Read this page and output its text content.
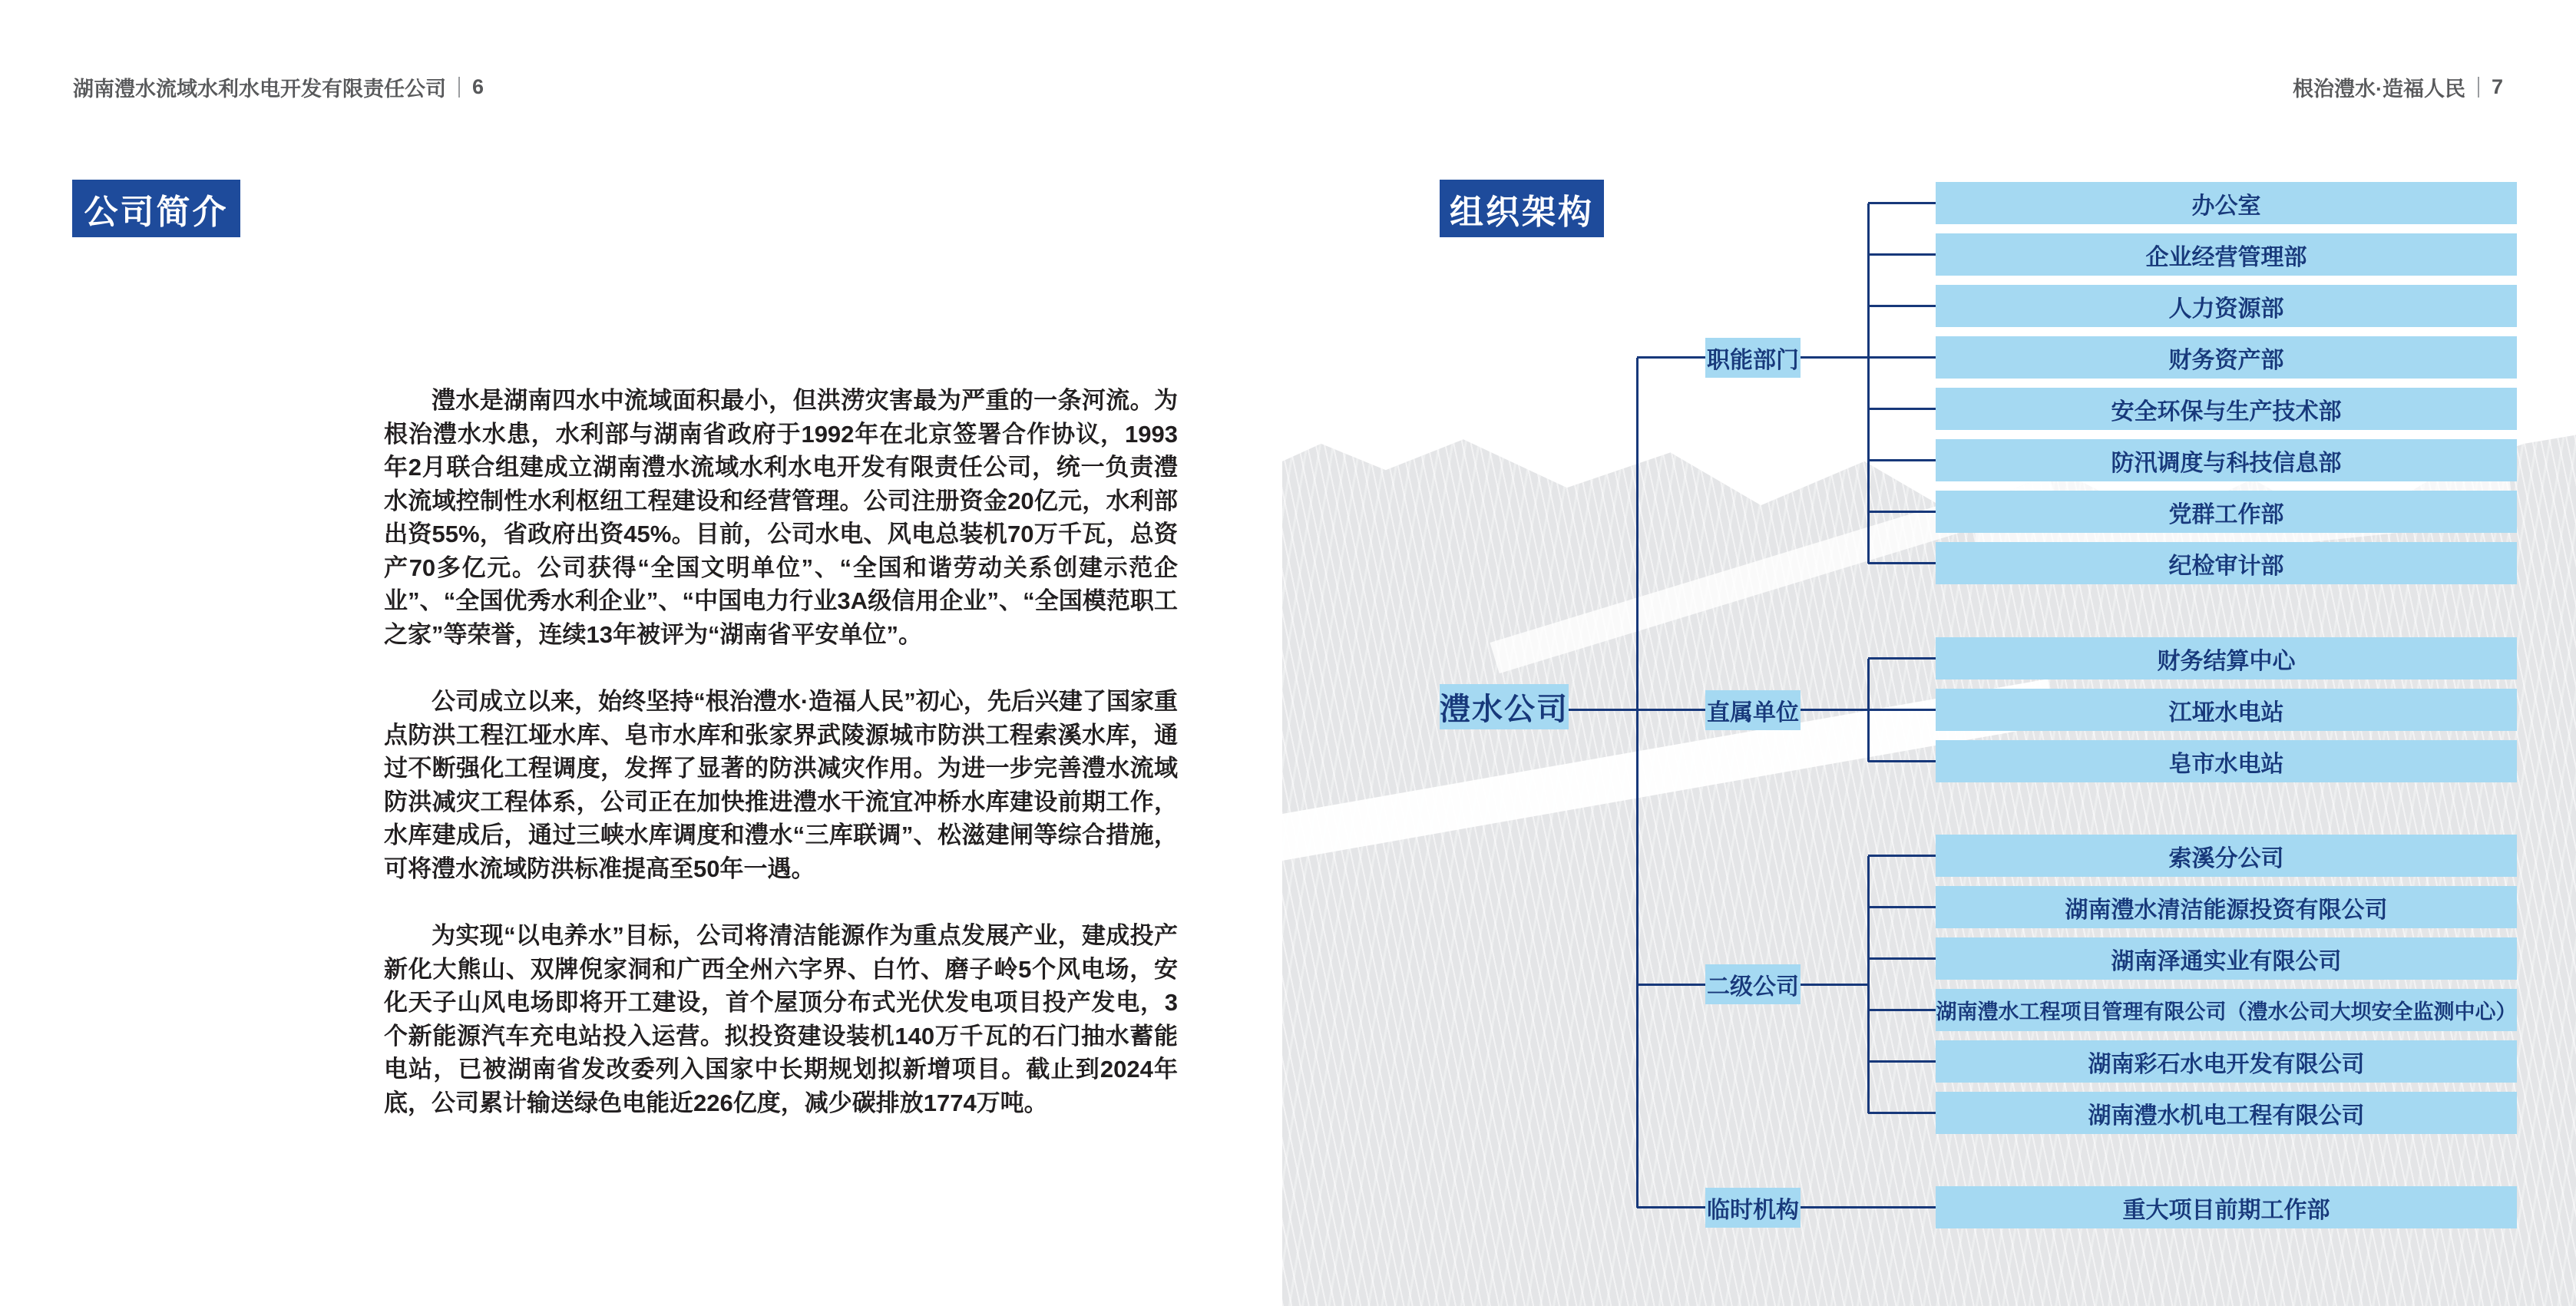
湖南澧水流域水利水电开发有限责任公司 6	根治澧水·造福人民 7
公司简介	组织架构

澧水是湖南四水中流域面积最小，但洪涝灾害最为严重的一条河流。为根治澧水水患，水利部与湖南省政府于1992年在北京签署合作协议，1993年2月联合组建成立湖南澧水流域水利水电开发有限责任公司，统一负责澧水流域控制性水利枢纽工程建设和经营管理。公司注册资金20亿元，水利部出资55%，省政府出资45%。目前，公司水电、风电总装机70万千瓦，总资产70多亿元。公司获得“全国文明单位”、“全国和谐劳动关系创建示范企业”、“全国优秀水利企业”、“中国电力行业3A级信用企业”、“全国模范职工之家”等荣誉，连续13年被评为“湖南省平安单位”。

公司成立以来，始终坚持“根治澧水·造福人民”初心，先后兴建了国家重点防洪工程江垭水库、皂市水库和张家界武陵源城市防洪工程索溪水库，通过不断强化工程调度，发挥了显著的防洪减灾作用。为进一步完善澧水流域防洪减灾工程体系，公司正在加快推进澧水干流宜冲桥水库建设前期工作，水库建成后，通过三峡水库调度和澧水“三库联调”、松滋建闸等综合措施，可将澧水流域防洪标准提高至50年一遇。

为实现“以电养水”目标，公司将清洁能源作为重点发展产业，建成投产新化大熊山、双牌倪家洞和广西全州六字界、白竹、磨子岭5个风电场，安化天子山风电场即将开工建设，首个屋顶分布式光伏发电项目投产发电，3个新能源汽车充电站投入运营。拟投资建设装机140万千瓦的石门抽水蓄能电站，已被湖南省发改委列入国家中长期规划拟新增项目。截止到2024年底，公司累计输送绿色电能近226亿度，减少碳排放1774万吨。

澧水公司
职能部门
办公室
企业经营管理部
人力资源部
财务资产部
安全环保与生产技术部
防汛调度与科技信息部
党群工作部
纪检审计部
直属单位
财务结算中心
江垭水电站
皂市水电站
二级公司
索溪分公司
湖南澧水清洁能源投资有限公司
湖南泽通实业有限公司
湖南澧水工程项目管理有限公司（澧水公司大坝安全监测中心）
湖南彩石水电开发有限公司
湖南澧水机电工程有限公司
临时机构	重大项目前期工作部
